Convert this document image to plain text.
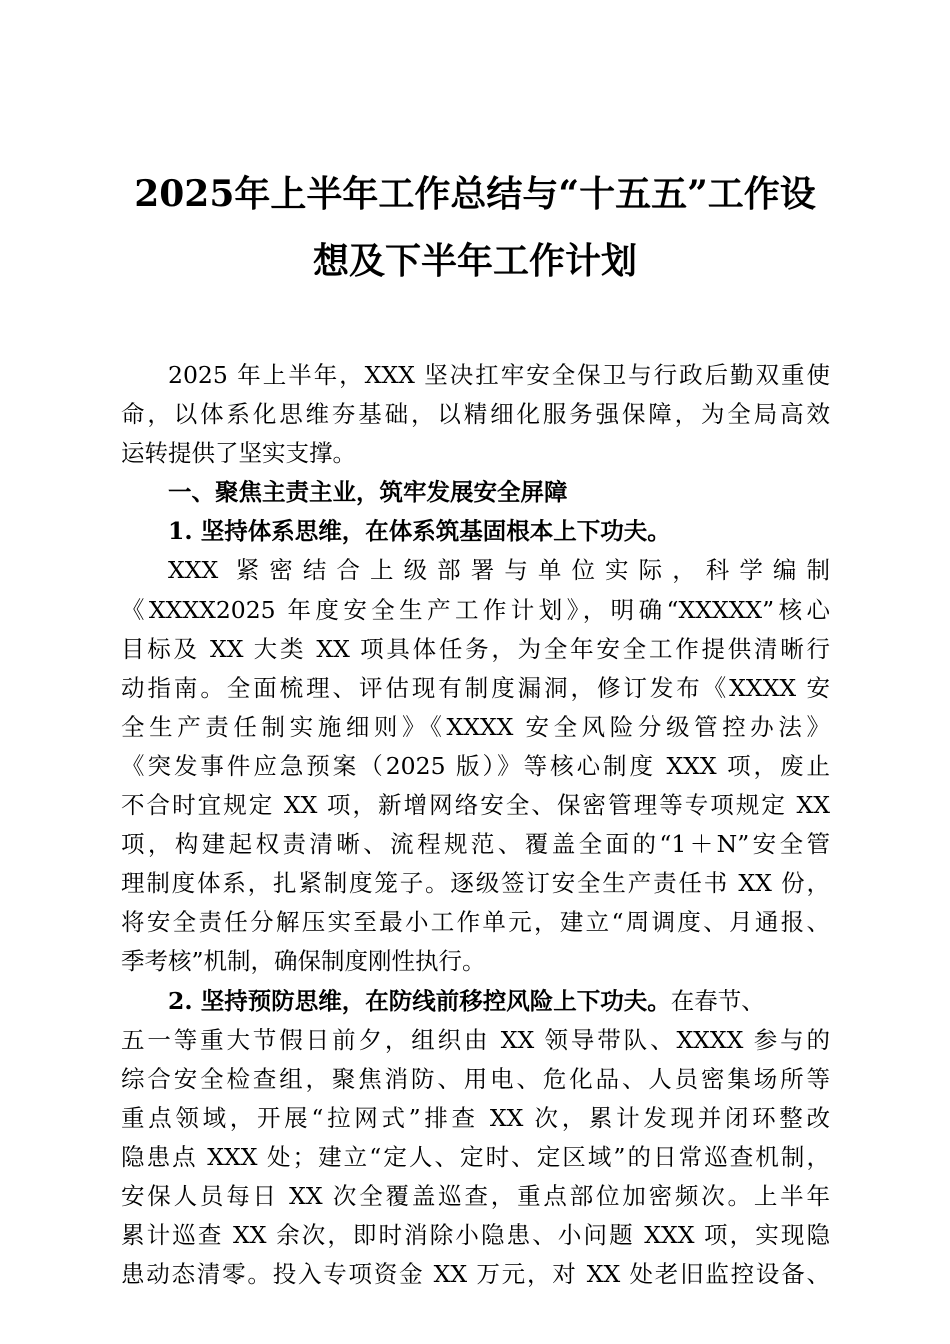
2025年上半年工作总结与“十五五”工作设
想及下半年工作计划
2025 年上半年，XXX 坚决扛牢安全保卫与行政后勤双重使
命，以体系化思维夯基础，以精细化服务强保障，为全局高效
运转提供了坚实支撑。
一、聚焦主责主业，筑牢发展安全屏障
1. 坚持体系思维，在体系筑基固根本上下功夫。
XXX 紧密结合上级部署与单位实际，科学编制
《XXXX2025 年度安全生产工作计划》，明确“XXXXX”核心
目标及 XX 大类 XX 项具体任务，为全年安全工作提供清晰行
动指南。全面梳理、评估现有制度漏洞，修订发布《XXXX 安
全生产责任制实施细则》《XXXX 安全风险分级管控办法》
《突发事件应急预案（2025 版）》等核心制度 XXX 项，废止
不合时宜规定 XX 项，新增网络安全、保密管理等专项规定 XX
项，构建起权责清晰、流程规范、覆盖全面的“1＋N”安全管
理制度体系，扎紧制度笼子。逐级签订安全生产责任书 XX 份，
将安全责任分解压实至最小工作单元，建立“周调度、月通报、
季考核”机制，确保制度刚性执行。
2. 坚持预防思维，在防线前移控风险上下功夫。在春节、
五一等重大节假日前夕，组织由 XX 领导带队、XXXX 参与的
综合安全检查组，聚焦消防、用电、危化品、人员密集场所等
重点领域，开展“拉网式”排查 XX 次，累计发现并闭环整改
隐患点 XXX 处；建立“定人、定时、定区域”的日常巡查机制，
安保人员每日 XX 次全覆盖巡查，重点部位加密频次。上半年
累计巡查 XX 余次，即时消除小隐患、小问题 XXX 项，实现隐
患动态清零。投入专项资金 XX 万元，对 XX 处老旧监控设备、
